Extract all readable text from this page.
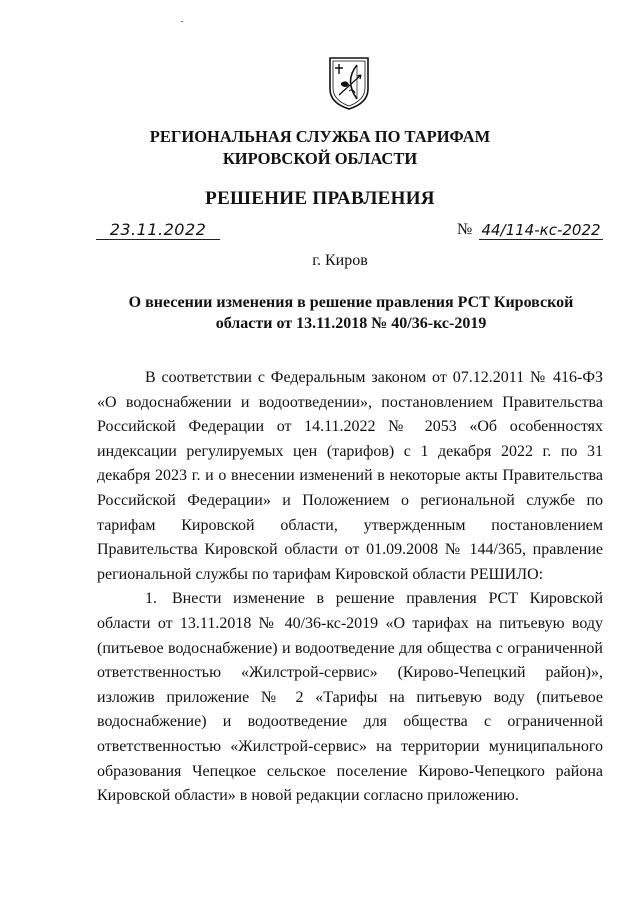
РЕГИОНАЛЬНАЯ СЛУЖБА ПО ТАРИФАМ
КИРОВСКОЙ ОБЛАСТИ
РЕШЕНИЕ ПРАВЛЕНИЯ
23.11.2022	№ 44/114-кс-2022
г. Киров
О внесении изменения в решение правления РСТ Кировской
области от 13.11.2018 № 40/36-кс-2019

В соответствии с Федеральным законом от 07.12.2011 № 416-ФЗ «О водоснабжении и водоотведении», постановлением Правительства Российской Федерации от 14.11.2022 № 2053 «Об особенностях индексации регулируемых цен (тарифов) с 1 декабря 2022 г. по 31 декабря 2023 г. и о внесении изменений в некоторые акты Правительства Российской Федерации» и Положением о региональной службе по тарифам Кировской области, утвержденным постановлением Правительства Кировской области от 01.09.2008 № 144/365, правление региональной службы по тарифам Кировской области РЕШИЛО:

1. Внести изменение в решение правления РСТ Кировской области от 13.11.2018 № 40/36-кс-2019 «О тарифах на питьевую воду (питьевое водоснабжение) и водоотведение для общества с ограниченной ответственностью «Жилстрой-сервис» (Кирово-Чепецкий район)», изложив приложение № 2 «Тарифы на питьевую воду (питьевое водоснабжение) и водоотведение для общества с ограниченной ответственностью «Жилстрой-сервис» на территории муниципального образования Чепецкое сельское поселение Кирово-Чепецкого района Кировской области» в новой редакции согласно приложению.
